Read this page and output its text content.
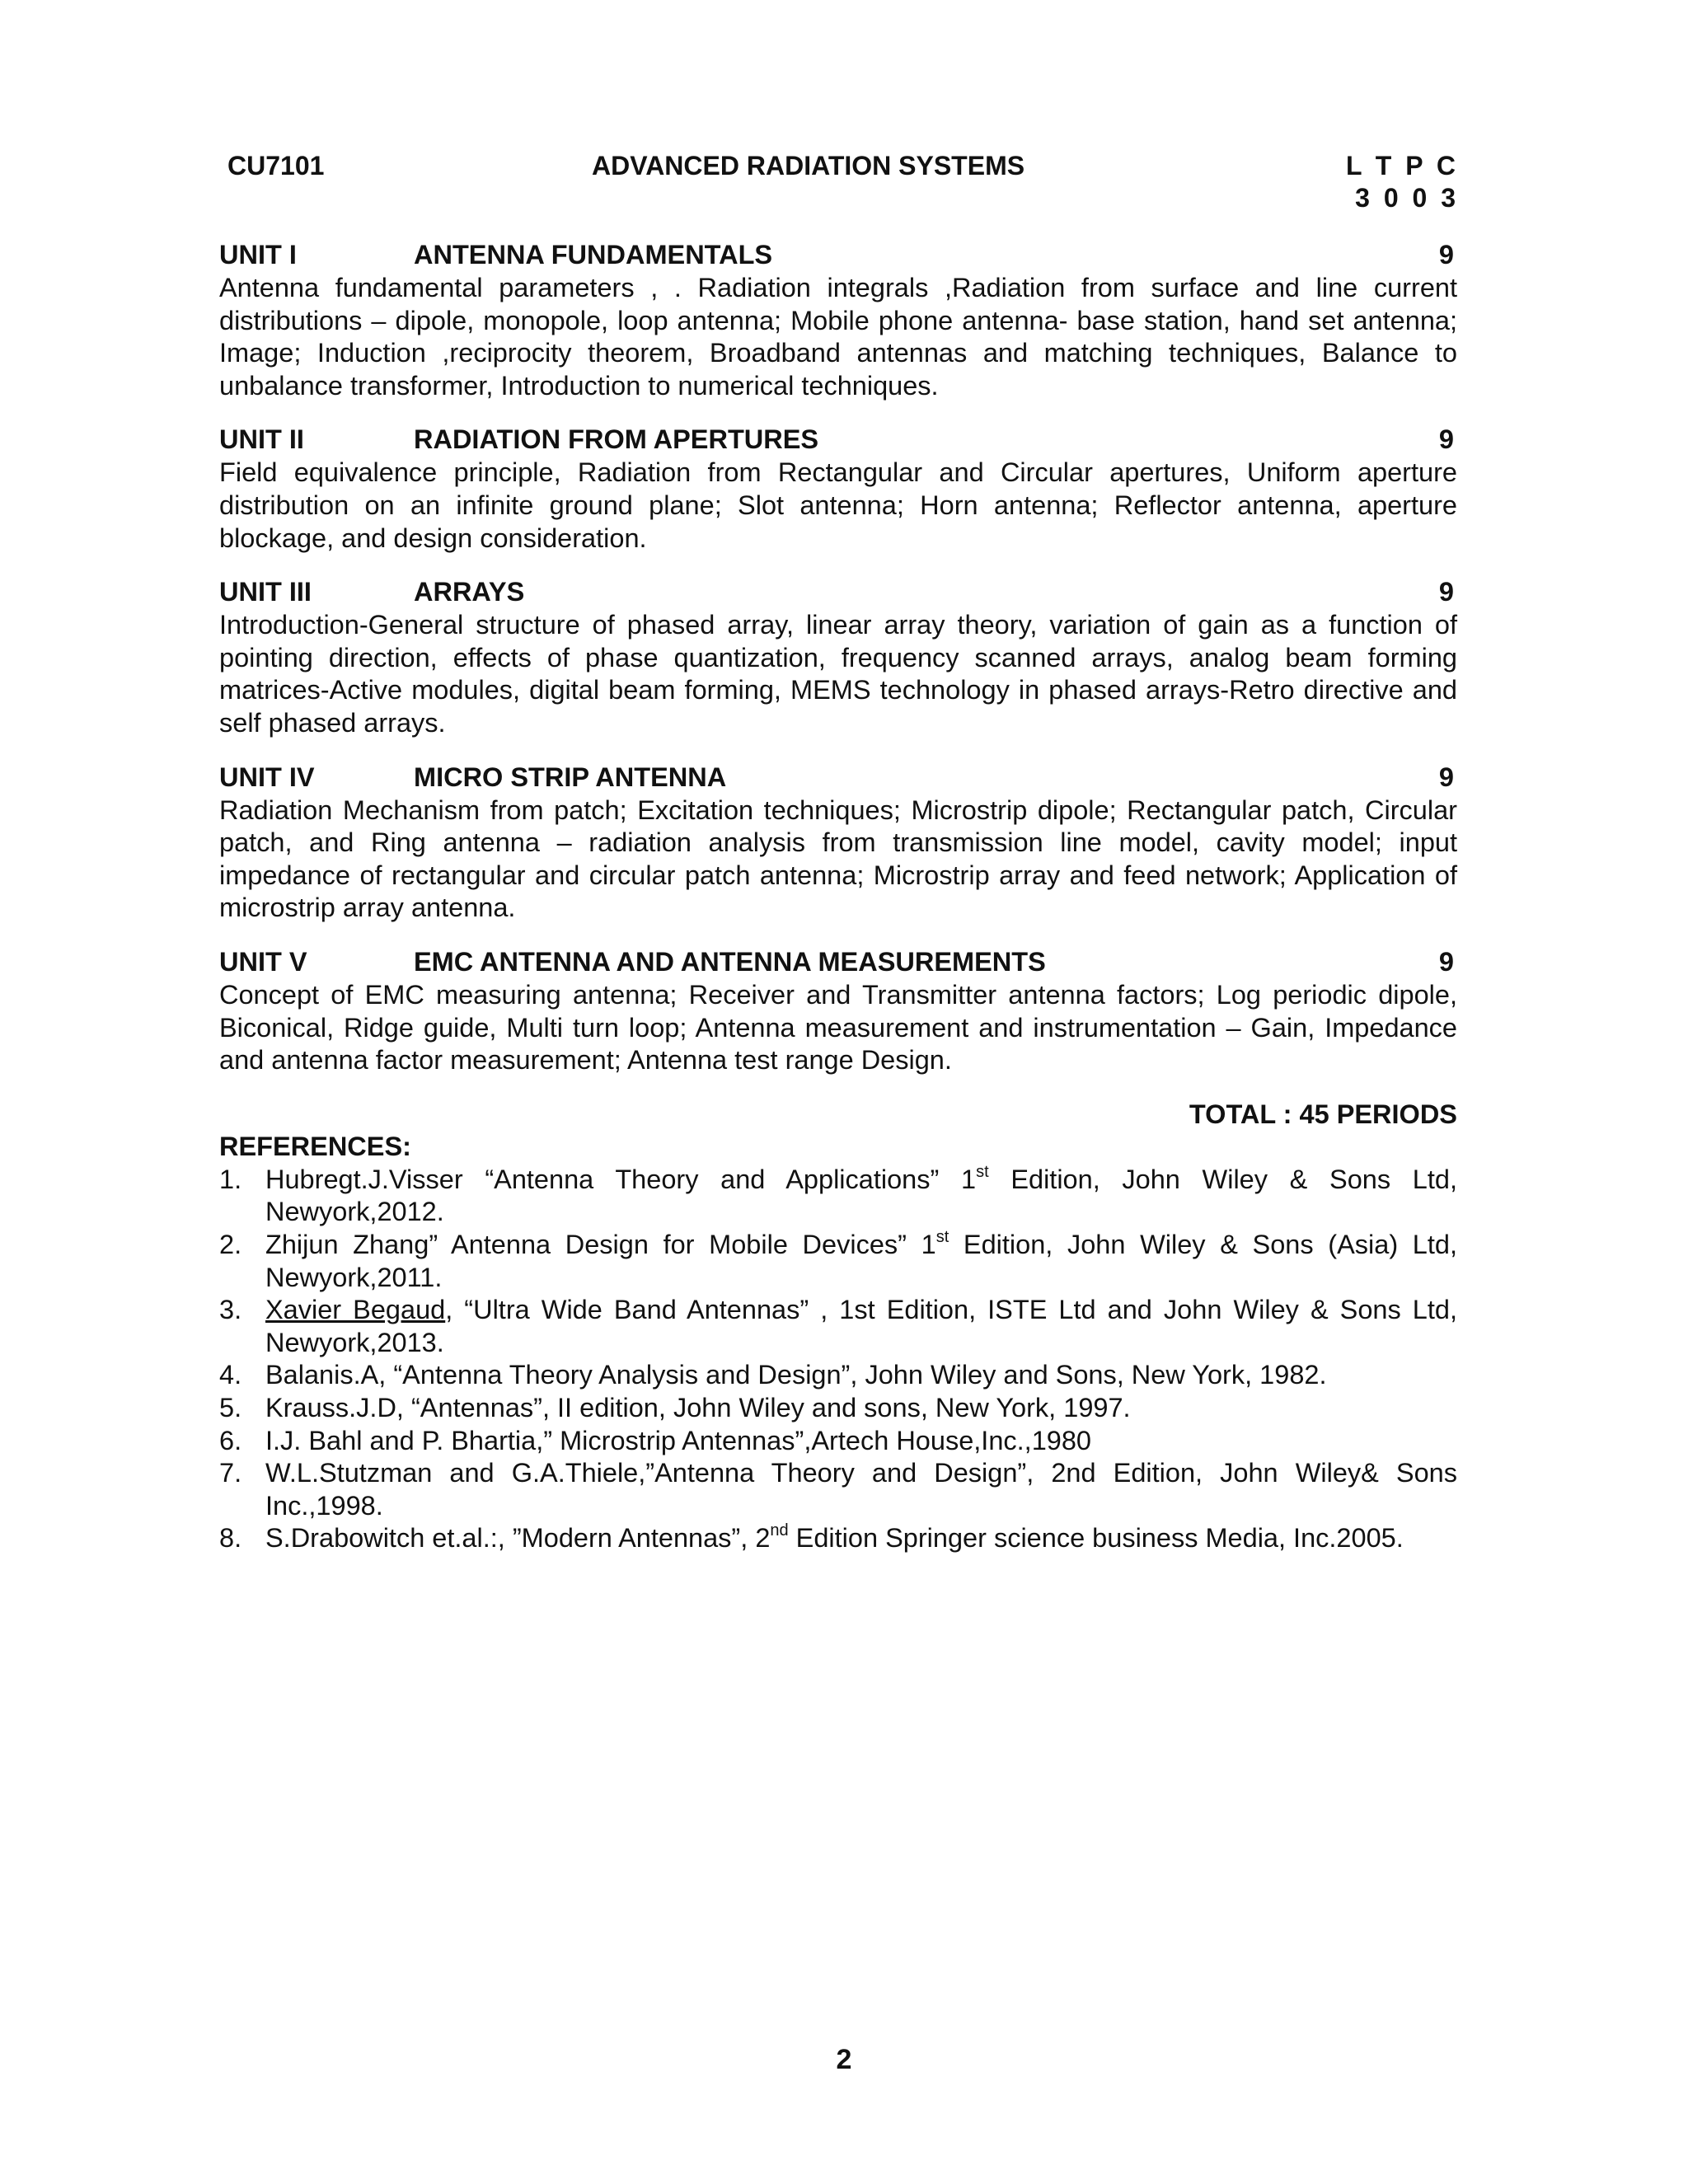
CU7101	ADVANCED RADIATION SYSTEMS	L T P C
3 0 0 3
UNIT I	ANTENNA FUNDAMENTALS	9
Antenna fundamental parameters , . Radiation integrals ,Radiation from surface and line current distributions – dipole, monopole, loop antenna; Mobile phone antenna- base station, hand set antenna; Image; Induction ,reciprocity theorem, Broadband antennas and matching techniques, Balance to unbalance transformer, Introduction to numerical techniques.
UNIT II	RADIATION FROM APERTURES	9
Field equivalence principle, Radiation from Rectangular and Circular apertures, Uniform aperture distribution on an infinite ground plane; Slot antenna; Horn antenna; Reflector antenna, aperture blockage, and design consideration.
UNIT III	ARRAYS	9
Introduction-General structure of phased array, linear array theory, variation of gain as a function of pointing direction, effects of phase quantization, frequency scanned arrays, analog beam forming matrices-Active modules, digital beam forming, MEMS technology in phased arrays-Retro directive and self phased arrays.
UNIT IV	MICRO STRIP ANTENNA	9
Radiation Mechanism from patch; Excitation techniques; Microstrip dipole; Rectangular patch, Circular patch, and Ring antenna – radiation analysis from transmission line model, cavity model; input impedance of rectangular and circular patch antenna; Microstrip array and feed network; Application of microstrip array antenna.
UNIT V	EMC ANTENNA AND ANTENNA MEASUREMENTS	9
Concept of EMC measuring antenna; Receiver and Transmitter antenna factors; Log periodic dipole, Biconical, Ridge guide, Multi turn loop; Antenna measurement and instrumentation – Gain, Impedance and antenna factor measurement; Antenna test range Design.
TOTAL : 45 PERIODS
REFERENCES:
1. Hubregt.J.Visser “Antenna Theory and Applications” 1st Edition, John Wiley & Sons Ltd, Newyork,2012.
2. Zhijun Zhang” Antenna Design for Mobile Devices” 1st Edition, John Wiley & Sons (Asia) Ltd, Newyork,2011.
3. Xavier Begaud, “Ultra Wide Band Antennas” , 1st Edition, ISTE Ltd and John Wiley & Sons Ltd, Newyork,2013.
4. Balanis.A, “Antenna Theory Analysis and Design”, John Wiley and Sons, New York, 1982.
5. Krauss.J.D, “Antennas”, II edition, John Wiley and sons, New York, 1997.
6. I.J. Bahl and P. Bhartia,” Microstrip Antennas”,Artech House,Inc.,1980
7. W.L.Stutzman and G.A.Thiele,”Antenna Theory and Design”, 2nd Edition, John Wiley& Sons Inc.,1998.
8. S.Drabowitch et.al.:, ”Modern Antennas”, 2nd Edition Springer science business Media, Inc.2005.
2
